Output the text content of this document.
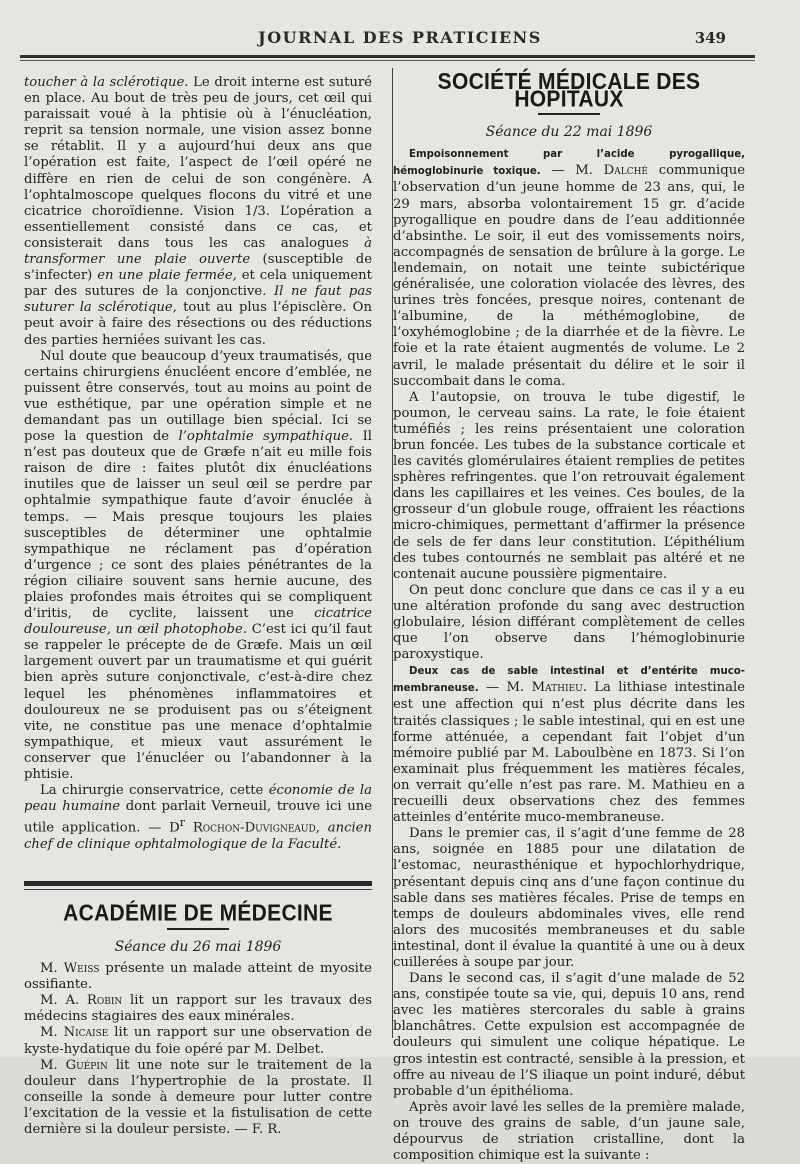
JOURNAL DES PRATICIENS	349

toucher à la sclérotique. Le droit interne est suturé en place. Au bout de très peu de jours, cet œil qui paraissait voué à la phtisie où à l’énucléation, reprit sa tension normale, une vision assez bonne se rétablit. Il y a aujourd’hui deux ans que l’opération est faite, l’aspect de l’œil opéré ne diffère en rien de celui de son congénère. A l’ophtalmoscope quelques flocons du vitré et une cicatrice choroïdienne. Vision 1/3. L’opération a essentiellement consisté dans ce cas, et consisterait dans tous les cas analogues à transformer une plaie ouverte (susceptible de s’infecter) en une plaie fermée, et cela uniquement par des sutures de la conjonctive. Il ne faut pas suturer la sclérotique, tout au plus l’épisclère. On peut avoir à faire des résections ou des réductions des parties herniées suivant les cas.

Nul doute que beaucoup d’yeux traumatisés, que certains chirurgiens énucléent encore d’emblée, ne puissent être conservés, tout au moins au point de vue esthétique, par une opération simple et ne demandant pas un outillage bien spécial. Ici se pose la question de l’ophtalmie sympathique. Il n’est pas douteux que de Græfe n’ait eu mille fois raison de dire : faites plutôt dix énucléations inutiles que de laisser un seul œil se perdre par ophtalmie sympathique faute d’avoir énuclée à temps. — Mais presque toujours les plaies susceptibles de déterminer une ophtalmie sympathique ne réclament pas d’opération d’urgence ; ce sont des plaies pénétrantes de la région ciliaire souvent sans hernie aucune, des plaies profondes mais étroites qui se compliquent d’iritis, de cyclite, laissent une cicatrice douloureuse, un œil photophobe. C’est ici qu’il faut se rappeler le précepte de de Græfe. Mais un œil largement ouvert par un traumatisme et qui guérit bien après suture conjonctivale, c’est-à-dire chez lequel les phénomènes inflammatoires et douloureux ne se produisent pas ou s’éteignent vite, ne constitue pas une menace d’ophtalmie sympathique, et mieux vaut assurément le conserver que l’énucléer ou l’abandonner à la phtisie.

La chirurgie conservatrice, cette économie de la peau humaine dont parlait Verneuil, trouve ici une utile application. — $D^r$ Rochon-Duvigneaud, ancien chef de clinique ophtalmologique de la Faculté.

ACADÉMIE DE MÉDECINE
Séance du 26 mai 1896

M. Weiss présente un malade atteint de myosite ossifiante.

M. A. Robin lit un rapport sur les travaux des médecins stagiaires des eaux minérales.

M. Nicaise lit un rapport sur une observation de kyste-hydatique du foie opéré par M. Delbet.

M. Guépin lit une note sur le traitement de la douleur dans l’hypertrophie de la prostate. Il conseille la sonde à demeure pour lutter contre l’excitation de la vessie et la fistulisation de cette dernière si la douleur persiste. — F. R.

SOCIÉTÉ MÉDICALE DES HOPITAUX
Séance du 22 mai 1896

Empoisonnement par l’acide pyrogallique, hémoglobinurie toxique. — M. Dalché communique l’observation d’un jeune homme de 23 ans, qui, le 29 mars, absorba volontairement 15 gr. d’acide pyrogallique en poudre dans de l’eau additionnée d’absinthe. Le soir, il eut des vomissements noirs, accompagnés de sensation de brûlure à la gorge. Le lendemain, on notait une teinte subictérique généralisée, une coloration violacée des lèvres, des urines très foncées, presque noires, contenant de l’albumine, de la méthémoglobine, de l’oxyhémoglobine ; de la diarrhée et de la fièvre. Le foie et la rate étaient augmentés de volume. Le 2 avril, le malade présentait du délire et le soir il succombait dans le coma.

A l’autopsie, on trouva le tube digestif, le poumon, le cerveau sains. La rate, le foie étaient tuméfiés ; les reins présentaient une coloration brun foncée. Les tubes de la substance corticale et les cavités glomérulaires étaient remplies de petites sphères refringentes. que l’on retrouvait également dans les capillaires et les veines. Ces boules, de la grosseur d’un globule rouge, offraient les réactions micro-chimiques, permettant d’affirmer la présence de sels de fer dans leur constitution. L’épithélium des tubes contournés ne semblait pas altéré et ne contenait aucune poussière pigmentaire.

On peut donc conclure que dans ce cas il y a eu une altération profonde du sang avec destruction globulaire, lésion différant complètement de celles que l’on observe dans l’hémoglobinurie paroxystique.

Deux cas de sable intestinal et d’entérite muco-membraneuse. — M. Mathieu. La lithiase intestinale est une affection qui n’est plus décrite dans les traités classiques ; le sable intestinal, qui en est une forme atténuée, a cependant fait l’objet d’un mémoire publié par M. Laboulbène en 1873. Si l’on examinait plus fréquemment les matières fécales, on verrait qu’elle n’est pas rare. M. Mathieu en a recueilli deux observations chez des femmes atteinles d’entérite muco-membraneuse.

Dans le premier cas, il s’agit d’une femme de 28 ans, soignée en 1885 pour une dilatation de l’estomac, neurasthénique et hypochlorhydrique, présentant depuis cinq ans d’une façon continue du sable dans ses matières fécales. Prise de temps en temps de douleurs abdominales vives, elle rend alors des mucosités membraneuses et du sable intestinal, dont il évalue la quantité à une ou à deux cuillerées à soupe par jour.

Dans le second cas, il s’agit d’une malade de 52 ans, constipée toute sa vie, qui, depuis 10 ans, rend avec les matières stercorales du sable à grains blanchâtres. Cette expulsion est accompagnée de douleurs qui simulent une colique hépatique. Le gros intestin est contracté, sensible à la pression, et offre au niveau de l’S iliaque un point induré, début probable d’un épithélioma.

Après avoir lavé les selles de la première malade, on trouve des grains de sable, d’un jaune sale, dépourvus de striation cristalline, dont la composition chimique est la suivante :
